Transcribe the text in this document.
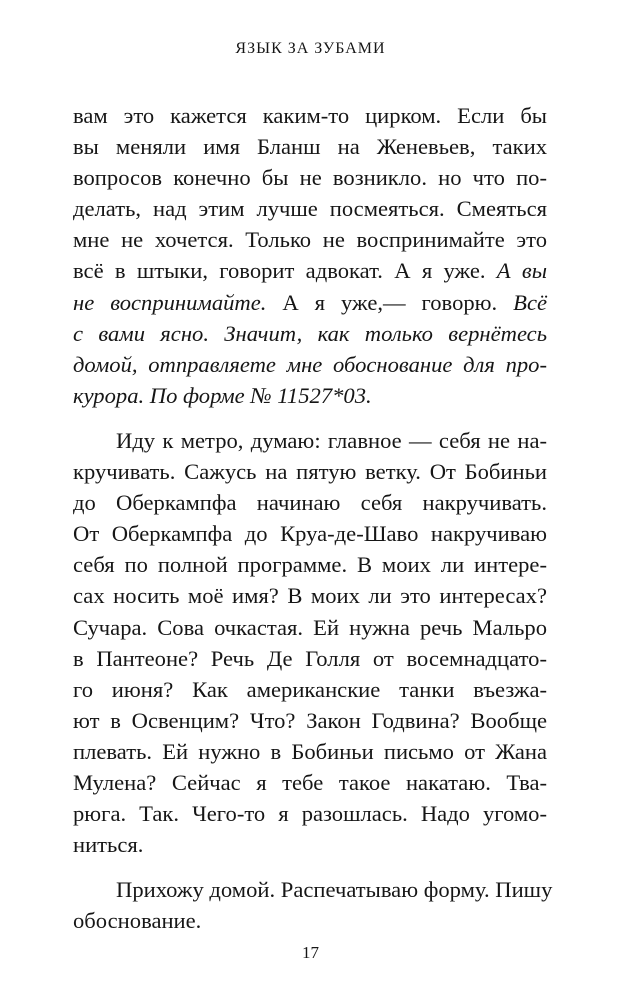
ЯЗЫК ЗА ЗУБАМИ
вам это кажется каким-то цирком. Если бы
вы меняли имя Бланш на Женевьев, таких
вопросов конечно бы не возникло. но что по-
делать, над этим лучше посмеяться. Смеяться
мне не хочется. Только не воспринимайте это
всё в штыки, говорит адвокат. А я уже. А вы
не воспринимайте. А я уже,— говорю. Всё
с вами ясно. Значит, как только вернётесь
домой, отправляете мне обоснование для про-
курора. По форме № 11527*03.
Иду к метро, думаю: главное — себя не на-
кручивать. Сажусь на пятую ветку. От Бобиньи
до Оберкампфа начинаю себя накручивать.
От Оберкампфа до Круа-де-Шаво накручиваю
себя по полной программе. В моих ли интере-
сах носить моё имя? В моих ли это интересах?
Сучара. Сова очкастая. Ей нужна речь Мальро
в Пантеоне? Речь Де Голля от восемнадцато-
го июня? Как американские танки въезжа-
ют в Освенцим? Что? Закон Годвина? Вообще
плевать. Ей нужно в Бобиньи письмо от Жана
Мулена? Сейчас я тебе такое накатаю. Тва-
рюга. Так. Чего-то я разошлась. Надо угомо-
ниться.
Прихожу домой. Распечатываю форму. Пишу
обоснование.
17
